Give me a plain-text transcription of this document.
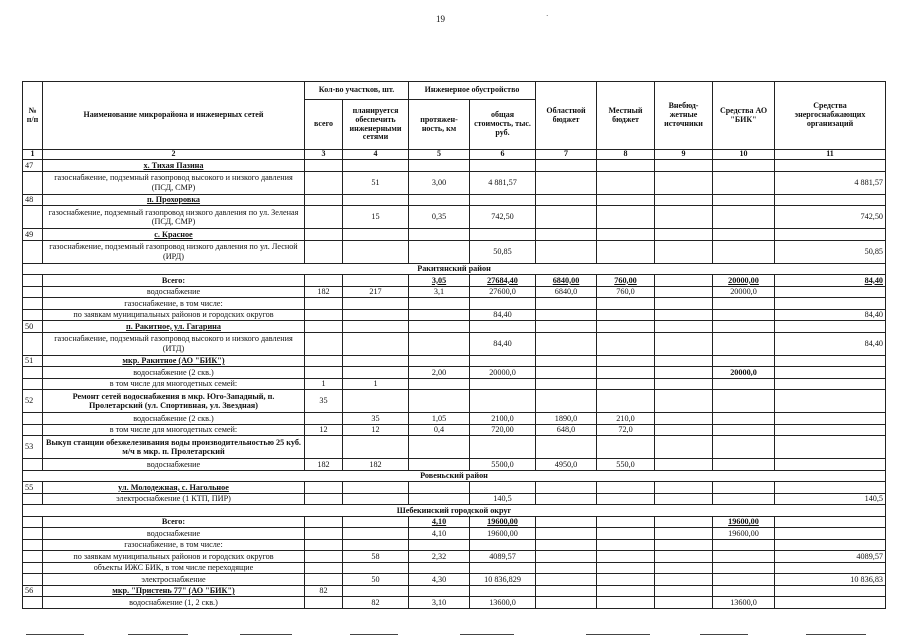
19	·
№ п/п	Наименование микрорайона и инженерных сетей	Кол-во участков, шт.		Инженерное обустройство		Областной бюджет	Местный бюджет	Внебюд-жетные источники	Средства АО "БИК"	Средства энергоснабжающих организаций
		всего	планируется обеспечить инженерными сетями	протяжен-ность, км	общая стоимость, тыс. руб.					
1	2	3	4	5	6	7	8	9	10	11
47	х. Тихая Пазина									
	газоснабжение, подземный газопровод высокого и низкого давления (ПСД, СМР)		51	3,00	4 881,57					4 881,57
48	п. Прохоровка									
	газоснабжение, подземный газопровод низкого давления по ул. Зеленая (ПСД, СМР)		15	0,35	742,50					742,50
49	с. Красное									
	газоснабжение, подземный газопровод низкого давления по ул. Лесной (ИРД)				50,85					50,85
Ракитянский район										
	Всего:			3,05	27684,40	6840,00	760,00		20000,00	84,40
	водоснабжение	182	217	3,1	27600,0	6840,0	760,0		20000,0	
	газоснабжение, в том числе:									
	по заявкам муниципальных районов и городских округов				84,40					84,40
50	п. Ракитное, ул. Гагарина									
	газоснабжение, подземный газопровод высокого и низкого давления (ИТД)				84,40					84,40
51	мкр. Ракитное (АО "БИК")									
	водоснабжение (2 скв.)			2,00	20000,0				20000,0	
	в том числе для многодетных семей:	1	1							
52	Ремонт сетей водоснабжения в мкр. Юго-Западный, п. Пролетарский (ул. Спортивная, ул. Звездная)	35								
	водоснабжение (2 скв.)		35	1,05	2100,0	1890,0	210,0			
	в том числе для многодетных семей:	12	12	0,4	720,00	648,0	72,0			
53	Выкуп станции обезжелезивания воды производительностью 25 куб. м/ч в мкр. п. Пролетарский									
	водоснабжение	182	182		5500,0	4950,0	550,0			
Ровеньский район										
55	ул. Молодежная, с. Нагольное									
	электроснабжение (1 КТП, ПИР)				140,5					140,5
Шебекинский городской округ										
	Всего:			4,10	19600,00				19600,00	
	водоснабжение			4,10	19600,00				19600,00	
	газоснабжение, в том числе:									
	по заявкам муниципальных районов и городских округов		58	2,32	4089,57					4089,57
	объекты ИЖС БИК, в том числе переходящие									
	электроснабжение		50	4,30	10 836,829					10 836,83
56	мкр. "Пристень 77" (АО "БИК")	82								
	водоснабжение (1, 2 скв.)		82	3,10	13600,0				13600,0	
